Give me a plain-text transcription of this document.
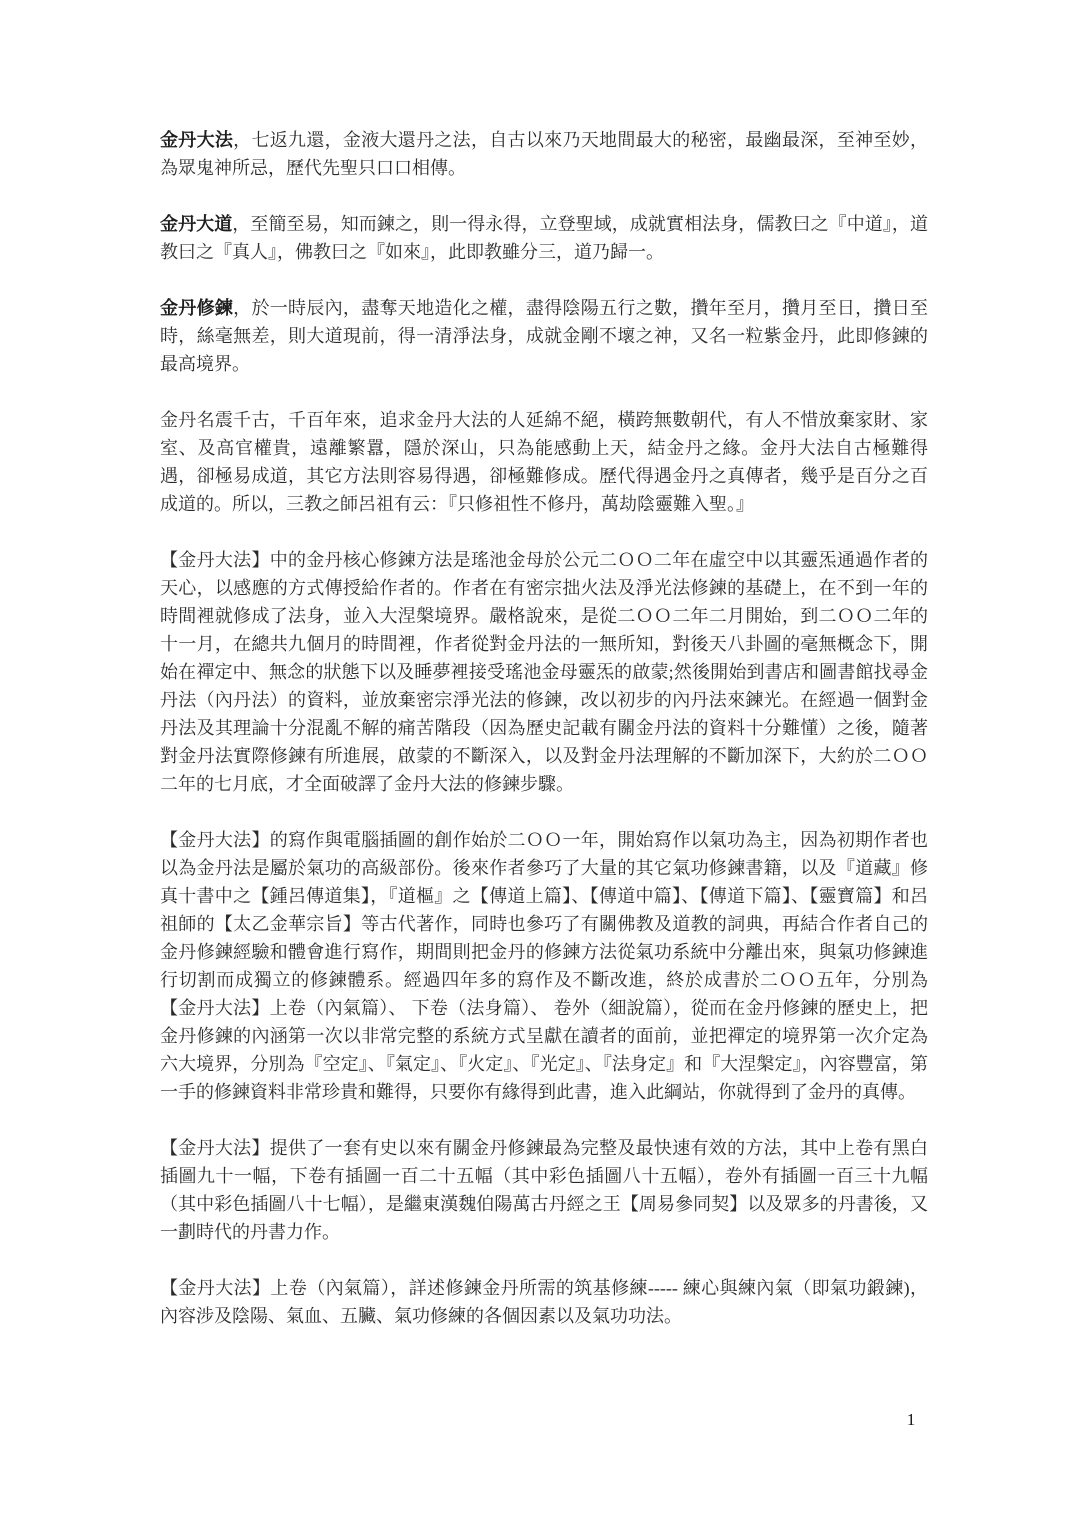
金丹大法，七返九還，金液大還丹之法，自古以來乃天地間最大的秘密，最幽最深，至神至妙，為眾鬼神所忌，歷代先聖只口口相傳。

金丹大道，至簡至易，知而鍊之，則一得永得，立登聖域，成就實相法身，儒教曰之『中道』，道教曰之『真人』，佛教曰之『如來』，此即教雖分三，道乃歸一。

金丹修鍊，於一時辰內，盡奪天地造化之權，盡得陰陽五行之數，攢年至月，攢月至日，攢日至時，絲毫無差，則大道現前，得一清淨法身，成就金剛不壞之神，又名一粒紫金丹，此即修鍊的最高境界。

金丹名震千古，千百年來，追求金丹大法的人延綿不絕，橫跨無數朝代，有人不惜放棄家財、家室、及高官權貴，遠離繁囂，隱於深山，只為能感動上天，結金丹之緣。金丹大法自古極難得遇，卻極易成道，其它方法則容易得遇，卻極難修成。歷代得遇金丹之真傳者，幾乎是百分之百成道的。所以，三教之師呂祖有云：『只修祖性不修丹，萬劫陰靈難入聖。』

【金丹大法】中的金丹核心修鍊方法是瑤池金母於公元二ＯＯ二年在虛空中以其靈炁通過作者的天心，以感應的方式傳授給作者的。作者在有密宗拙火法及淨光法修鍊的基礎上，在不到一年的時間裡就修成了法身，並入大涅槃境界。嚴格說來，是從二ＯＯ二年二月開始，到二ＯＯ二年的十一月，在總共九個月的時間裡，作者從對金丹法的一無所知，對後天八卦圖的毫無概念下，開始在禪定中、無念的狀態下以及睡夢裡接受瑤池金母靈炁的啟蒙;然後開始到書店和圖書館找尋金丹法（內丹法）的資料，並放棄密宗淨光法的修鍊，改以初步的內丹法來鍊光。在經過一個對金丹法及其理論十分混亂不解的痛苦階段（因為歷史記載有關金丹法的資料十分難懂）之後，隨著對金丹法實際修鍊有所進展，啟蒙的不斷深入，以及對金丹法理解的不斷加深下，大約於二ＯＯ二年的七月底，才全面破譯了金丹大法的修鍊步驟。

【金丹大法】的寫作與電腦插圖的創作始於二ＯＯ一年，開始寫作以氣功為主，因為初期作者也以為金丹法是屬於氣功的高級部份。後來作者參巧了大量的其它氣功修鍊書籍，以及『道藏』修真十書中之【鍾呂傳道集】，『道樞』之【傳道上篇】、【傳道中篇】、【傳道下篇】、【靈寶篇】和呂祖師的【太乙金華宗旨】等古代著作，同時也參巧了有關佛教及道教的詞典，再結合作者自己的金丹修鍊經驗和體會進行寫作，期間則把金丹的修鍊方法從氣功系統中分離出來，與氣功修鍊進行切割而成獨立的修鍊體系。經過四年多的寫作及不斷改進，終於成書於二ＯＯ五年，分別為【金丹大法】上卷（內氣篇）、 下卷（法身篇）、 卷外（細說篇），從而在金丹修鍊的歷史上，把金丹修鍊的內涵第一次以非常完整的系統方式呈獻在讀者的面前，並把禪定的境界第一次介定為六大境界，分別為『空定』、『氣定』、『火定』、『光定』、『法身定』和『大涅槃定』，內容豐富，第一手的修鍊資料非常珍貴和難得，只要你有緣得到此書，進入此綱站，你就得到了金丹的真傳。

【金丹大法】提供了一套有史以來有關金丹修鍊最為完整及最快速有效的方法，其中上卷有黑白插圖九十一幅，下卷有插圖一百二十五幅（其中彩色插圖八十五幅），卷外有插圖一百三十九幅（其中彩色插圖八十七幅），是繼東漢魏伯陽萬古丹經之王【周易參同契】以及眾多的丹書後，又一劃時代的丹書力作。

【金丹大法】上卷（內氣篇），詳述修鍊金丹所需的筑基修練----- 練心與練內氣（即氣功鍛鍊)，內容涉及陰陽、氣血、五臟、氣功修練的各個因素以及氣功功法。

1
